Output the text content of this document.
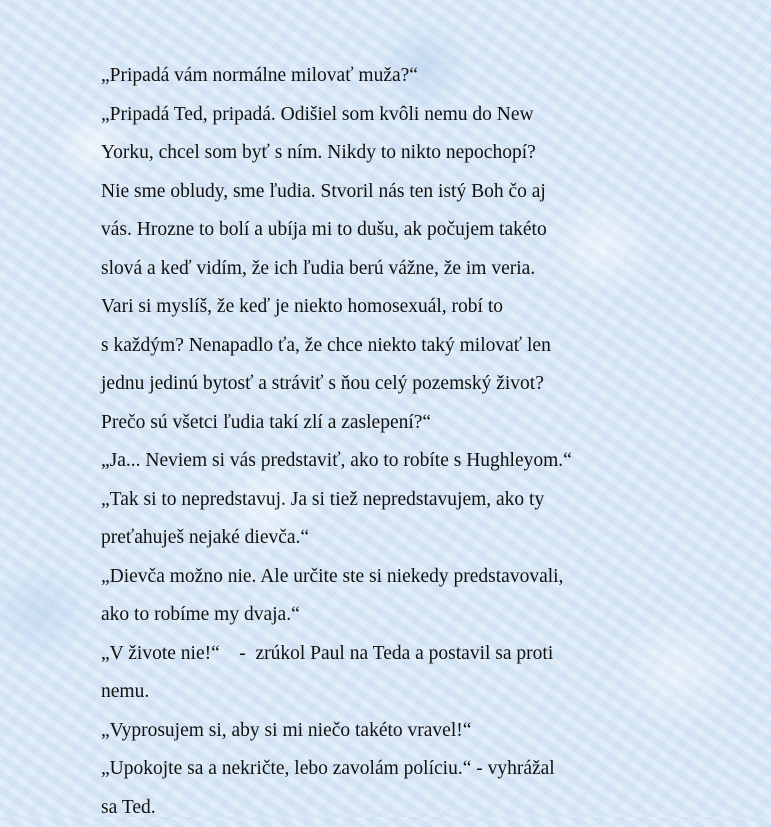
„Pripadá vám normálne milovať muža?“

„Pripadá Ted, pripadá. Odišiel som kvôli nemu do New

Yorku, chcel som byť s ním. Nikdy to nikto nepochopí?

Nie sme obludy, sme ľudia. Stvoril nás ten istý Boh čo aj

vás. Hrozne to bolí a ubíja mi to dušu, ak počujem takéto

slová a keď vidím, že ich ľudia berú vážne, že im veria.

Vari si myslíš, že keď je niekto homosexuál, robí to

s každým? Nenapadlo ťa, že chce niekto taký milovať len

jednu jedinú bytosť a stráviť s ňou celý pozemský život?

Prečo sú všetci ľudia takí zlí a zaslepení?“

„Ja... Neviem si vás predstaviť, ako to robíte s Hughleyom.“

„Tak si to nepredstavuj. Ja si tiež nepredstavujem, ako ty

preťahuješ nejaké dievča.“

„Dievča možno nie. Ale určite ste si niekedy predstavovali,

ako to robíme my dvaja.“

„V živote nie!“    -  zrúkol Paul na Teda a postavil sa proti

nemu.

„Vyprosujem si, aby si mi niečo takéto vravel!“

„Upokojte sa a nekričte, lebo zavolám políciu.“ - vyhrážal

sa Ted.
